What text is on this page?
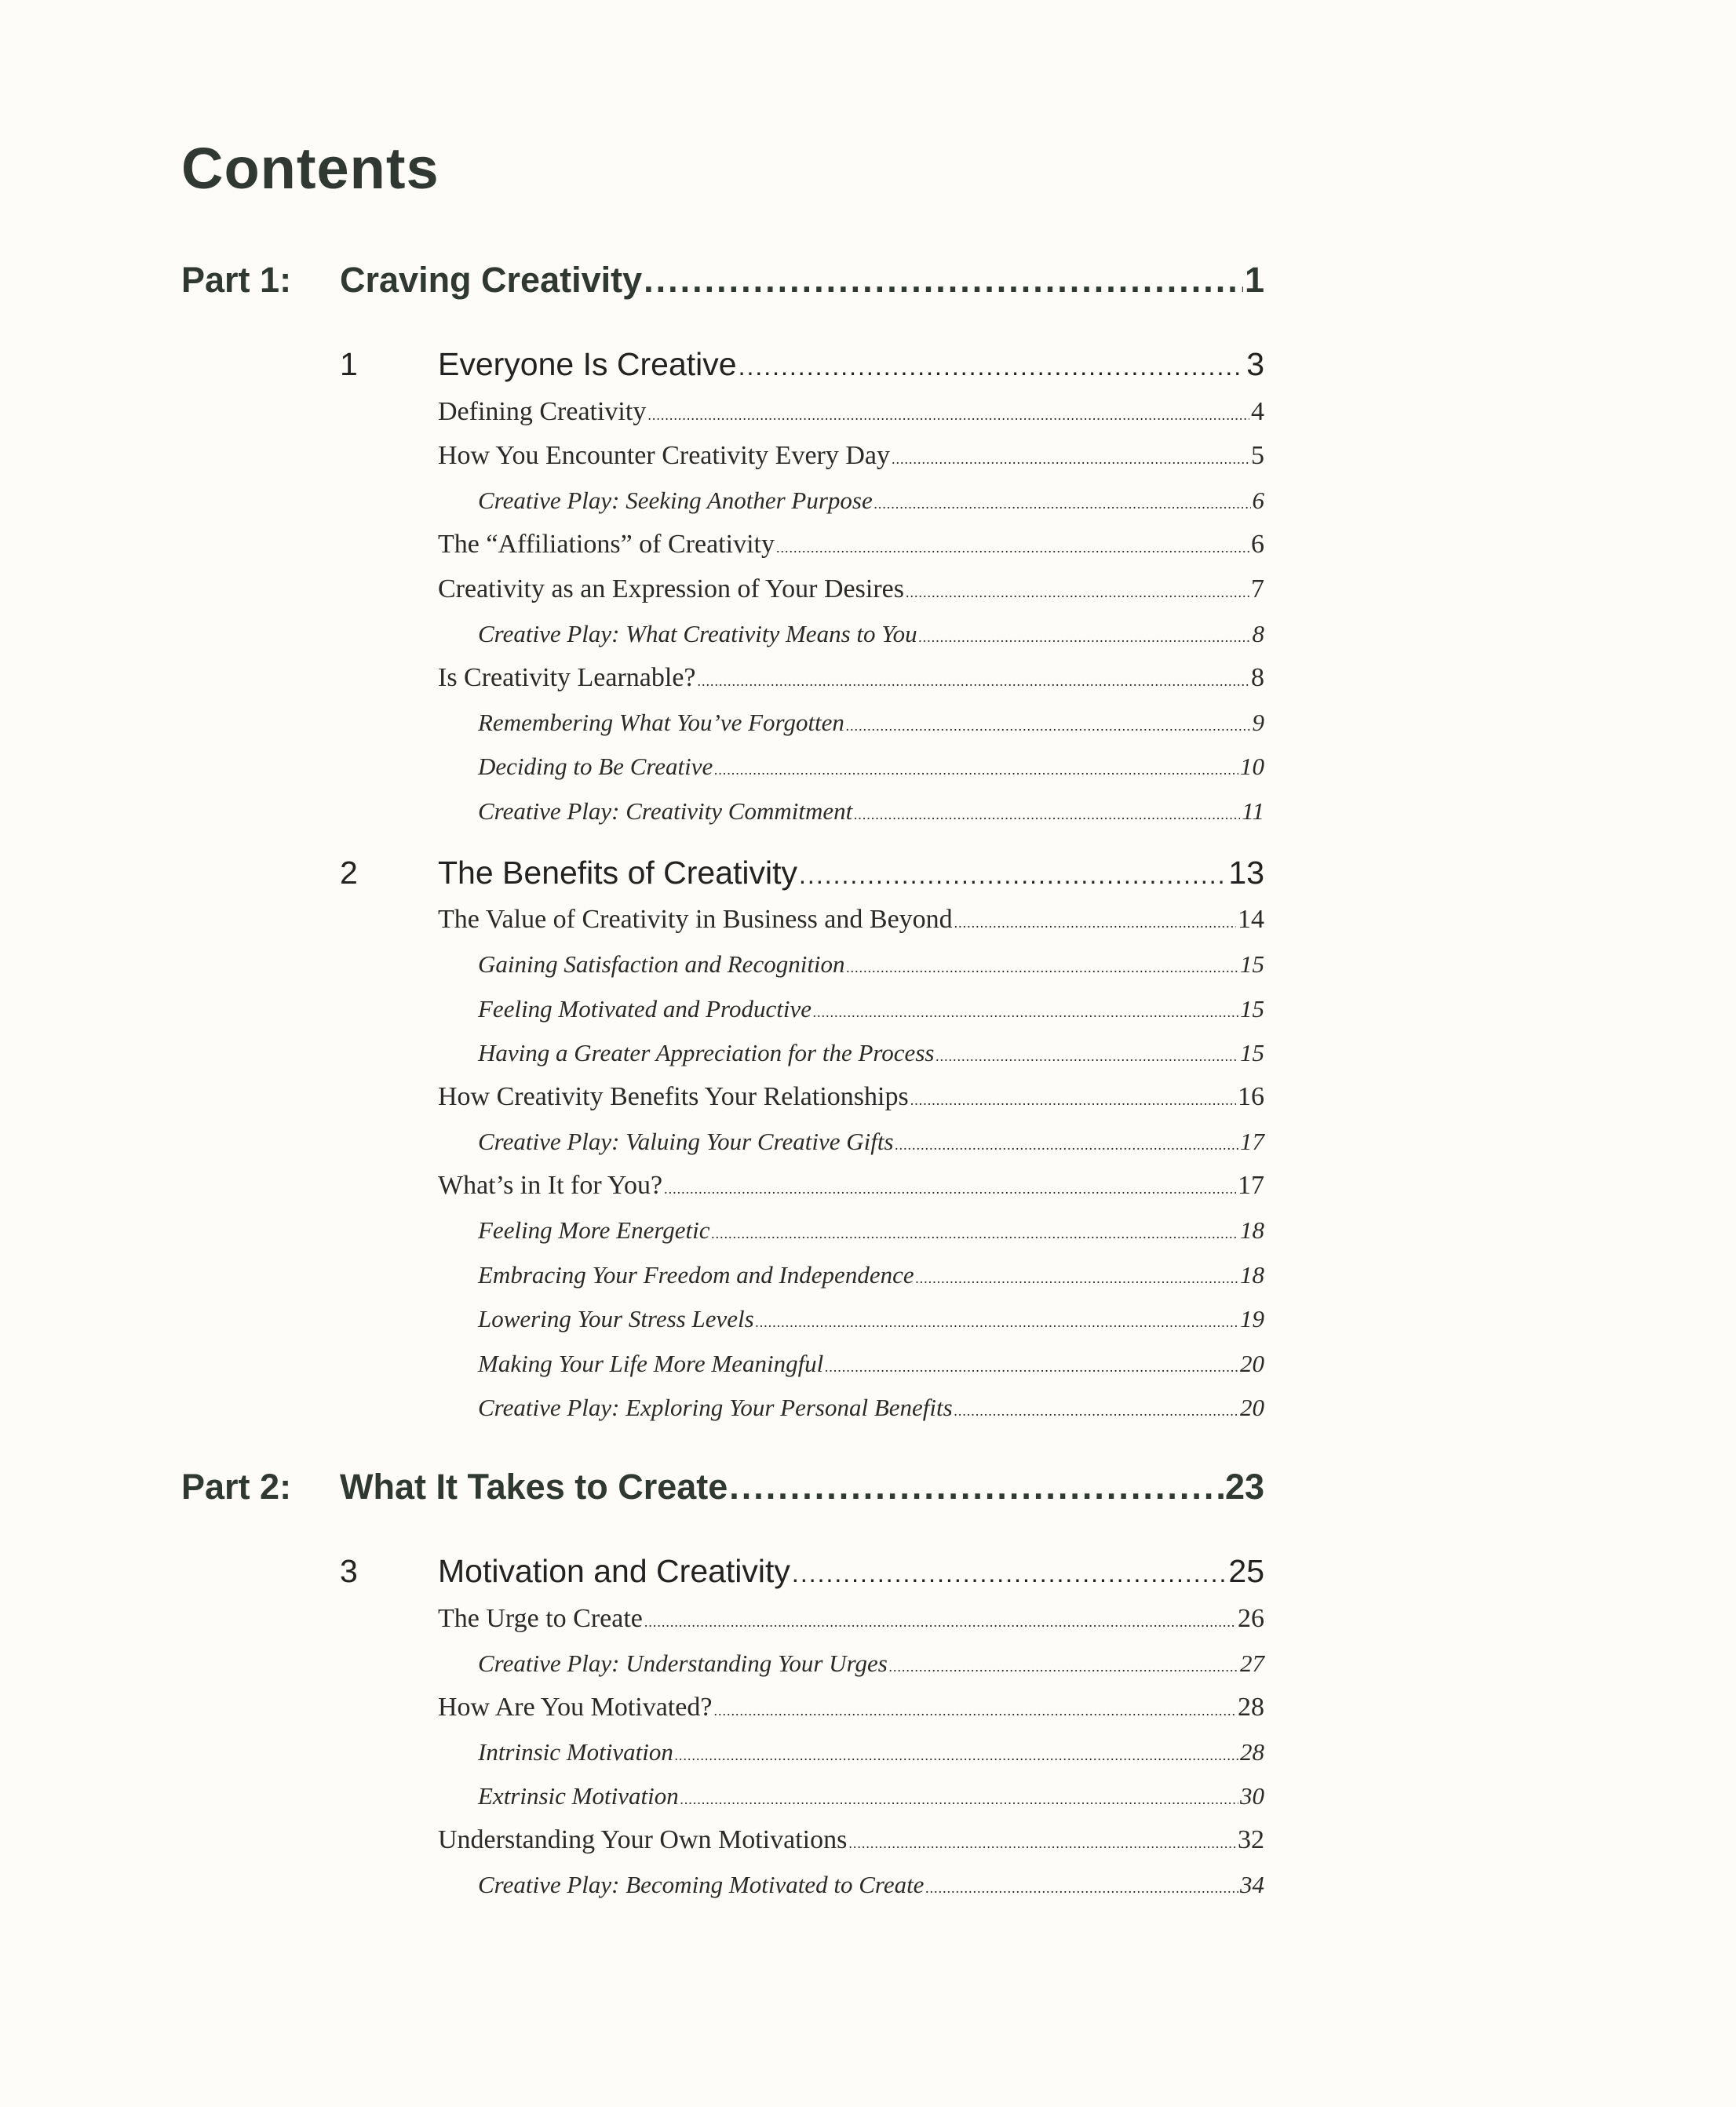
Contents
Part 1:	Craving Creativity .....	1
1	Everyone Is Creative .....	3
Defining Creativity .....	4
How You Encounter Creativity Every Day .....	5
Creative Play: Seeking Another Purpose .....	6
The “Affiliations” of Creativity .....	6
Creativity as an Expression of Your Desires .....	7
Creative Play: What Creativity Means to You .....	8
Is Creativity Learnable? .....	8
Remembering What You’ve Forgotten .....	9
Deciding to Be Creative .....	10
Creative Play: Creativity Commitment .....	11
2	The Benefits of Creativity .....	13
The Value of Creativity in Business and Beyond .....	14
Gaining Satisfaction and Recognition .....	15
Feeling Motivated and Productive .....	15
Having a Greater Appreciation for the Process .....	15
How Creativity Benefits Your Relationships .....	16
Creative Play: Valuing Your Creative Gifts .....	17
What’s in It for You? .....	17
Feeling More Energetic .....	18
Embracing Your Freedom and Independence .....	18
Lowering Your Stress Levels .....	19
Making Your Life More Meaningful .....	20
Creative Play: Exploring Your Personal Benefits .....	20
Part 2:	What It Takes to Create .....	23
3	Motivation and Creativity .....	25
The Urge to Create .....	26
Creative Play: Understanding Your Urges .....	27
How Are You Motivated? .....	28
Intrinsic Motivation .....	28
Extrinsic Motivation .....	30
Understanding Your Own Motivations .....	32
Creative Play: Becoming Motivated to Create .....	34
